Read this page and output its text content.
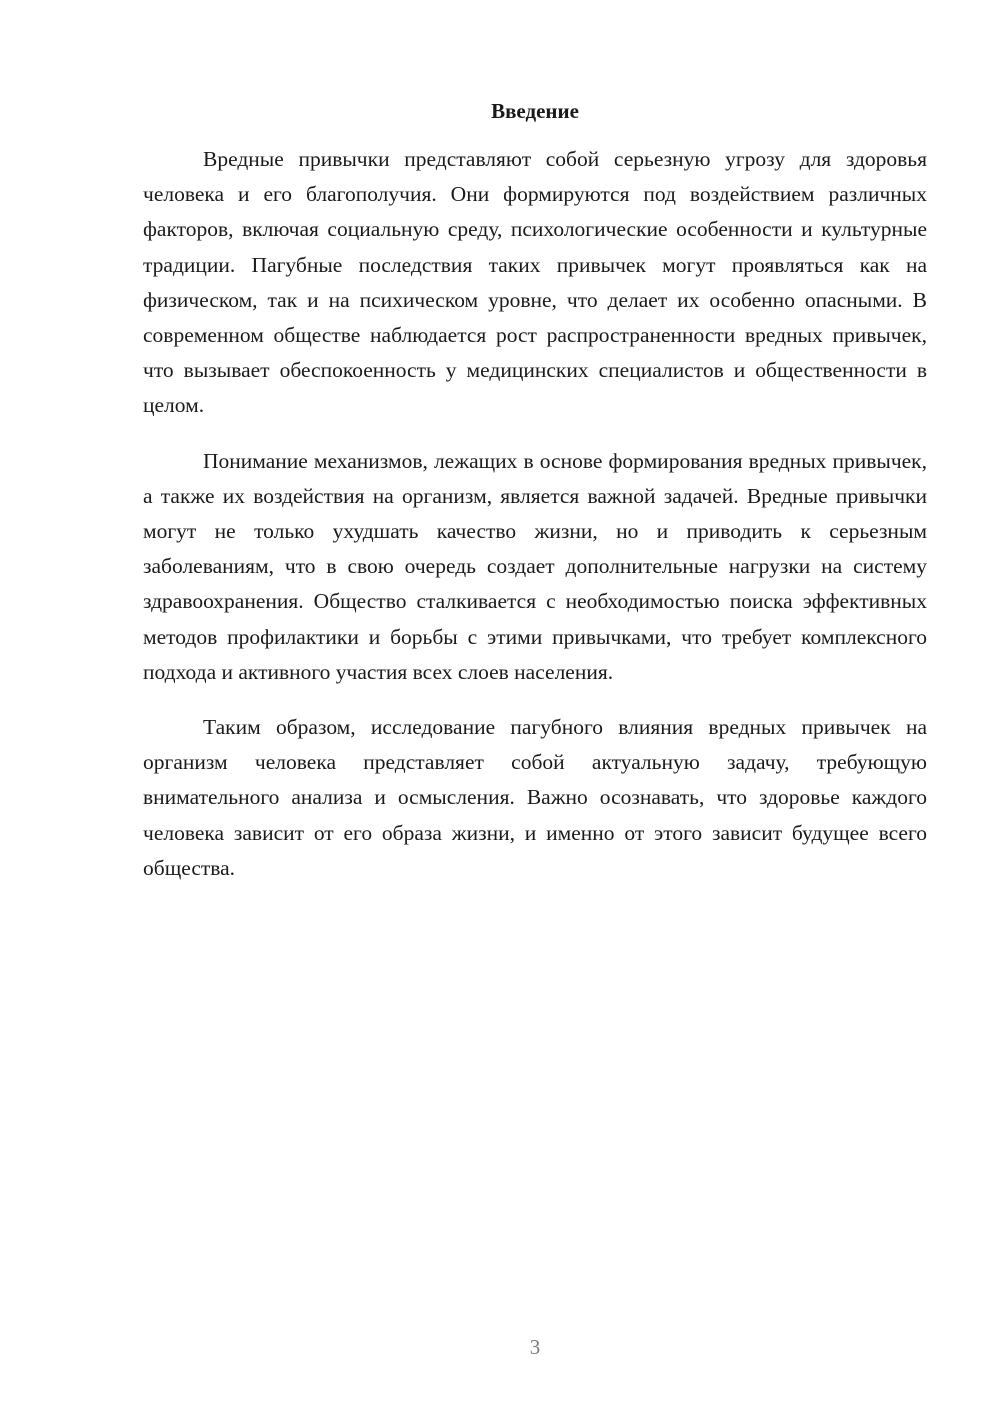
Введение

Вредные привычки представляют собой серьезную угрозу для здоровья человека и его благополучия. Они формируются под воздействием различных факторов, включая социальную среду, психологические особенности и культурные традиции. Пагубные последствия таких привычек могут проявляться как на физическом, так и на психическом уровне, что делает их особенно опасными. В современном обществе наблюдается рост распространенности вредных привычек, что вызывает обеспокоенность у медицинских специалистов и общественности в целом.

Понимание механизмов, лежащих в основе формирования вредных привычек, а также их воздействия на организм, является важной задачей. Вредные привычки могут не только ухудшать качество жизни, но и приводить к серьезным заболеваниям, что в свою очередь создает дополнительные нагрузки на систему здравоохранения. Общество сталкивается с необходимостью поиска эффективных методов профилактики и борьбы с этими привычками, что требует комплексного подхода и активного участия всех слоев населения.

Таким образом, исследование пагубного влияния вредных привычек на организм человека представляет собой актуальную задачу, требующую внимательного анализа и осмысления. Важно осознавать, что здоровье каждого человека зависит от его образа жизни, и именно от этого зависит будущее всего общества.

3
